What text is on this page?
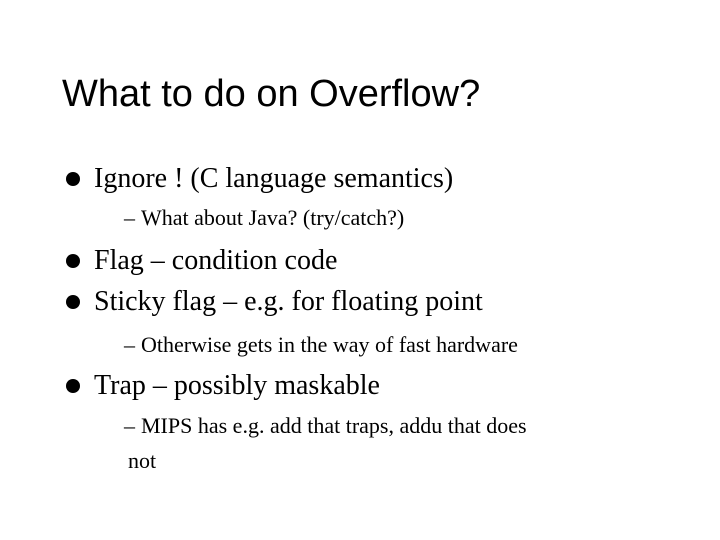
What to do on Overflow?
Ignore ! (C language semantics)
– What about Java? (try/catch?)
Flag – condition code
Sticky flag – e.g. for floating point
– Otherwise gets in the way of fast hardware
Trap – possibly maskable
– MIPS has e.g. add that traps, addu that does
not
